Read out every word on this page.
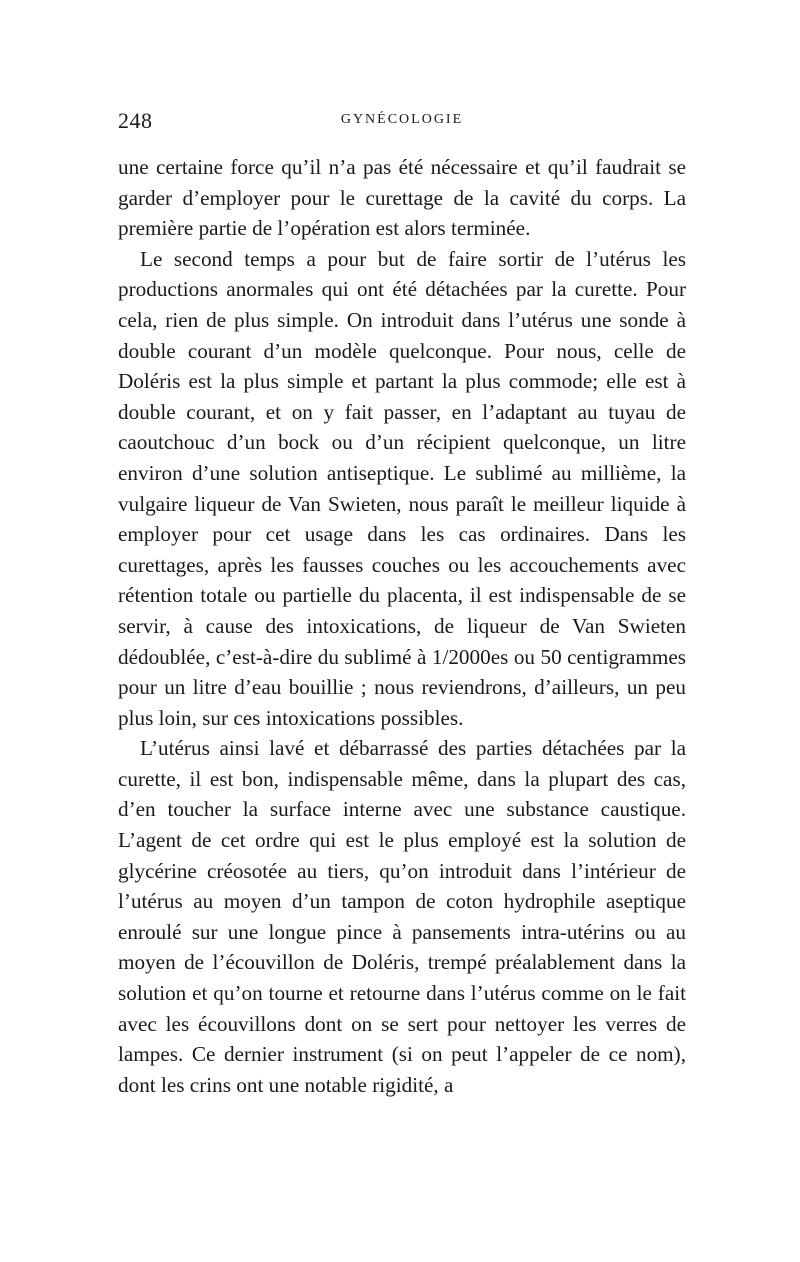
248	GYNÉCOLOGIE

une certaine force qu’il n’a pas été nécessaire et qu’il faudrait se garder d’employer pour le curettage de la cavité du corps. La première partie de l’opération est alors terminée.

Le second temps a pour but de faire sortir de l’utérus les productions anormales qui ont été détachées par la curette. Pour cela, rien de plus simple. On introduit dans l’utérus une sonde à double courant d’un modèle quelconque. Pour nous, celle de Doléris est la plus simple et partant la plus commode; elle est à double courant, et on y fait passer, en l’adaptant au tuyau de caoutchouc d’un bock ou d’un récipient quelconque, un litre environ d’une solution antiseptique. Le sublimé au millième, la vulgaire liqueur de Van Swieten, nous paraît le meilleur liquide à employer pour cet usage dans les cas ordinaires. Dans les curettages, après les fausses couches ou les accouchements avec rétention totale ou partielle du placenta, il est indispensable de se servir, à cause des intoxications, de liqueur de Van Swieten dédoublée, c’est-à-dire du sublimé à 1/2000es ou 50 centigrammes pour un litre d’eau bouillie ; nous reviendrons, d’ailleurs, un peu plus loin, sur ces intoxications possibles.

L’utérus ainsi lavé et débarrassé des parties détachées par la curette, il est bon, indispensable même, dans la plupart des cas, d’en toucher la surface interne avec une substance caustique. L’agent de cet ordre qui est le plus employé est la solution de glycérine créosotée au tiers, qu’on introduit dans l’intérieur de l’utérus au moyen d’un tampon de coton hydrophile aseptique enroulé sur une longue pince à pansements intra-utérins ou au moyen de l’écouvillon de Doléris, trempé préalablement dans la solution et qu’on tourne et retourne dans l’utérus comme on le fait avec les écouvillons dont on se sert pour nettoyer les verres de lampes. Ce dernier instrument (si on peut l’appeler de ce nom), dont les crins ont une notable rigidité, a
